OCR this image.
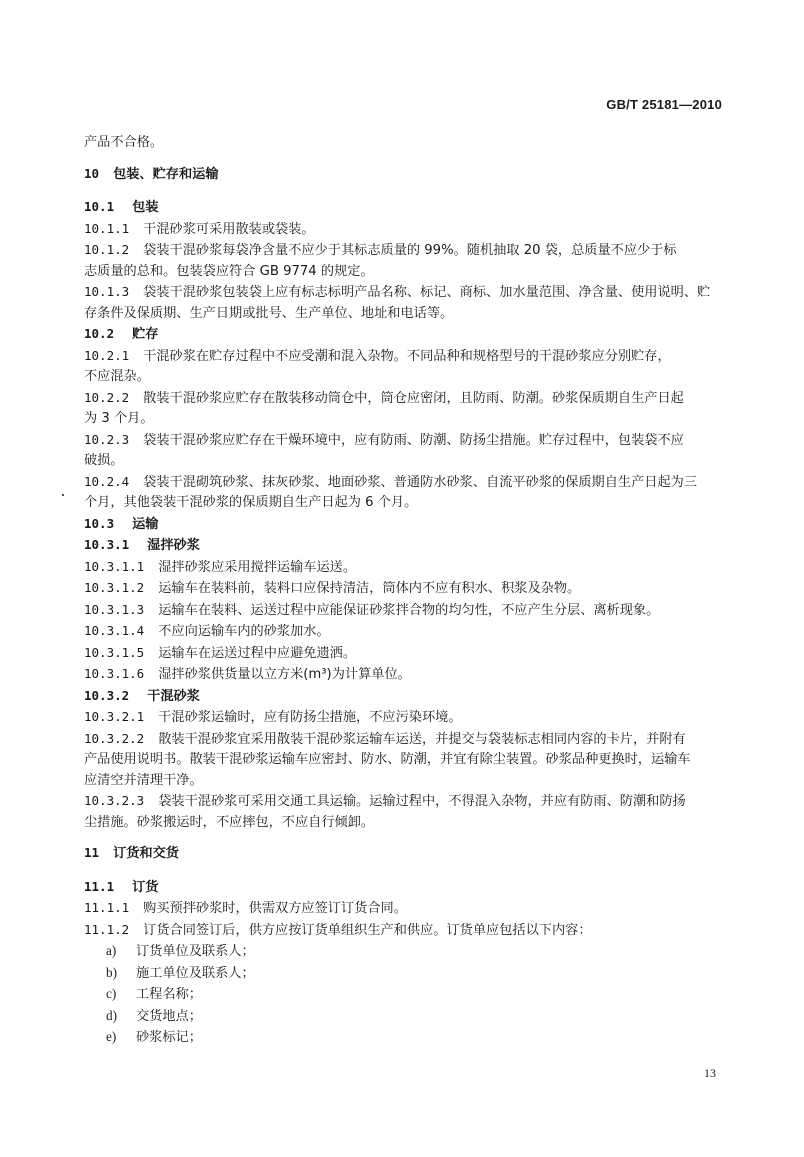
GB/T 25181—2010
产品不合格。
10 包装、贮存和运输
10.1 包装
10.1.1 干混砂浆可采用散装或袋装。
10.1.2 袋装干混砂浆每袋净含量不应少于其标志质量的 99%。随机抽取 20 袋，总质量不应少于标
志质量的总和。包装袋应符合 GB 9774 的规定。
10.1.3 袋装干混砂浆包装袋上应有标志标明产品名称、标记、商标、加水量范围、净含量、使用说明、贮
存条件及保质期、生产日期或批号、生产单位、地址和电话等。
10.2 贮存
10.2.1 干混砂浆在贮存过程中不应受潮和混入杂物。不同品种和规格型号的干混砂浆应分别贮存，
不应混杂。
10.2.2 散装干混砂浆应贮存在散装移动筒仓中，筒仓应密闭，且防雨、防潮。砂浆保质期自生产日起
为 3 个月。
10.2.3 袋装干混砂浆应贮存在干燥环境中，应有防雨、防潮、防扬尘措施。贮存过程中，包装袋不应
破损。
10.2.4 袋装干混砌筑砂浆、抹灰砂浆、地面砂浆、普通防水砂浆、自流平砂浆的保质期自生产日起为三
个月，其他袋装干混砂浆的保质期自生产日起为 6 个月。
10.3 运输
10.3.1 湿拌砂浆
10.3.1.1 湿拌砂浆应采用搅拌运输车运送。
10.3.1.2 运输车在装料前，装料口应保持清洁，筒体内不应有积水、积浆及杂物。
10.3.1.3 运输车在装料、运送过程中应能保证砂浆拌合物的均匀性，不应产生分层、离析现象。
10.3.1.4 不应向运输车内的砂浆加水。
10.3.1.5 运输车在运送过程中应避免遗洒。
10.3.1.6 湿拌砂浆供货量以立方米(m³)为计算单位。
10.3.2 干混砂浆
10.3.2.1 干混砂浆运输时，应有防扬尘措施，不应污染环境。
10.3.2.2 散装干混砂浆宜采用散装干混砂浆运输车运送，并提交与袋装标志相同内容的卡片，并附有
产品使用说明书。散装干混砂浆运输车应密封、防水、防潮，并宜有除尘装置。砂浆品种更换时，运输车
应清空并清理干净。
10.3.2.3 袋装干混砂浆可采用交通工具运输。运输过程中，不得混入杂物，并应有防雨、防潮和防扬
尘措施。砂浆搬运时，不应摔包，不应自行倾卸。
11 订货和交货
11.1 订货
11.1.1 购买预拌砂浆时，供需双方应签订订货合同。
11.1.2 订货合同签订后，供方应按订货单组织生产和供应。订货单应包括以下内容：
a) 订货单位及联系人；
b) 施工单位及联系人；
c) 工程名称；
d) 交货地点；
e) 砂浆标记；
13
